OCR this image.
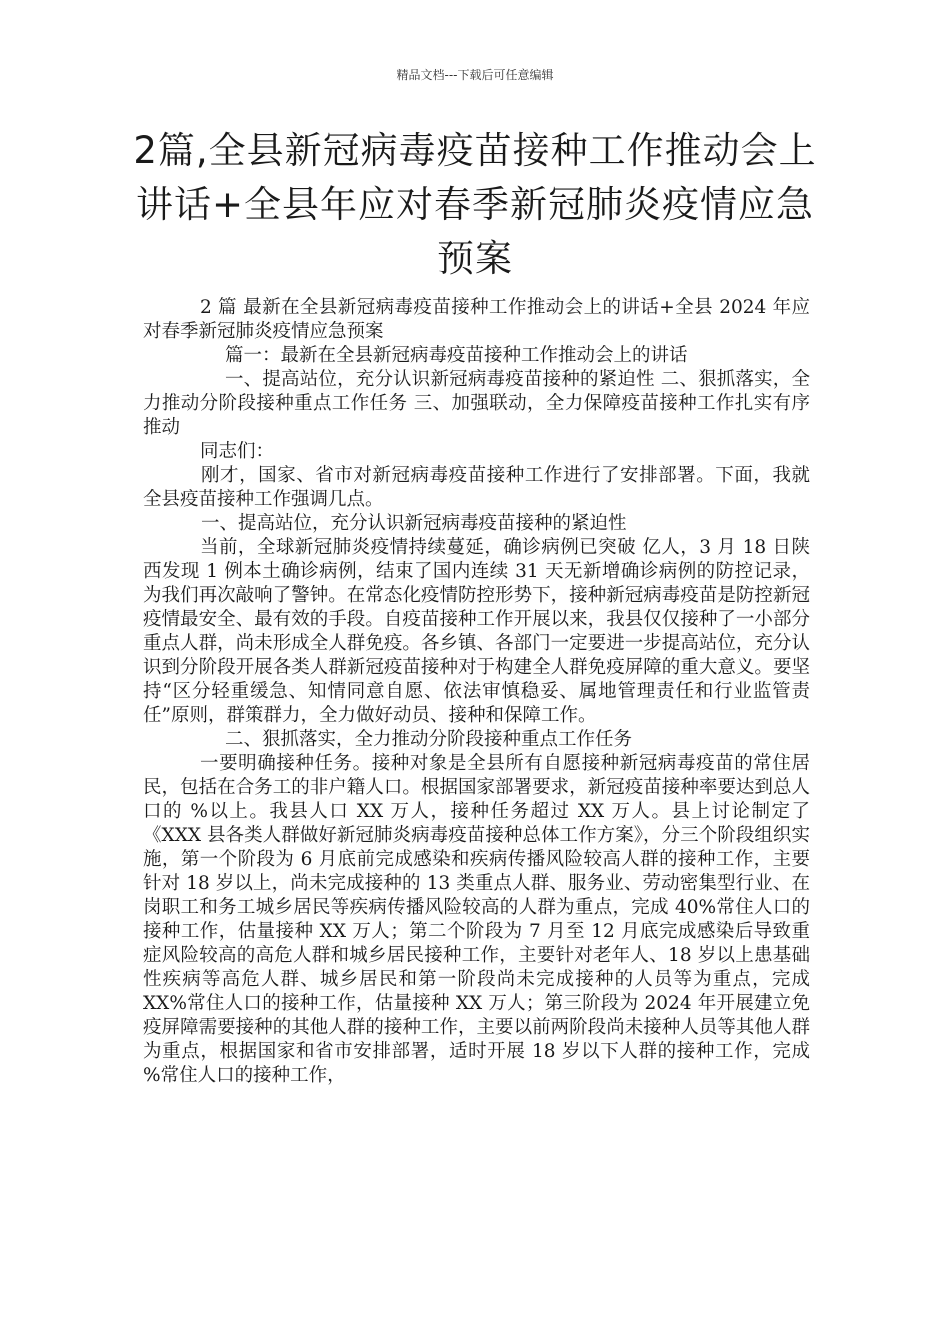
精品文档---下载后可任意编辑
2篇,全县新冠病毒疫苗接种工作推动会上讲话+全县年应对春季新冠肺炎疫情应急预案

2 篇 最新在全县新冠病毒疫苗接种工作推动会上的讲话+全县 2024 年应对春季新冠肺炎疫情应急预案

篇一：最新在全县新冠病毒疫苗接种工作推动会上的讲话

一、提高站位，充分认识新冠病毒疫苗接种的紧迫性 二、狠抓落实，全力推动分阶段接种重点工作任务 三、加强联动，全力保障疫苗接种工作扎实有序推动

同志们：

刚才，国家、省市对新冠病毒疫苗接种工作进行了安排部署。下面，我就全县疫苗接种工作强调几点。

一、提高站位，充分认识新冠病毒疫苗接种的紧迫性

当前，全球新冠肺炎疫情持续蔓延，确诊病例已突破 亿人，3 月 18 日陕西发现 1 例本土确诊病例，结束了国内连续 31 天无新增确诊病例的防控记录，为我们再次敲响了警钟。在常态化疫情防控形势下，接种新冠病毒疫苗是防控新冠疫情最安全、最有效的手段。自疫苗接种工作开展以来，我县仅仅接种了一小部分重点人群，尚未形成全人群免疫。各乡镇、各部门一定要进一步提高站位，充分认识到分阶段开展各类人群新冠疫苗接种对于构建全人群免疫屏障的重大意义。要坚持“区分轻重缓急、知情同意自愿、依法审慎稳妥、属地管理责任和行业监管责任”原则，群策群力，全力做好动员、接种和保障工作。

二、狠抓落实，全力推动分阶段接种重点工作任务

一要明确接种任务。接种对象是全县所有自愿接种新冠病毒疫苗的常住居民，包括在合务工的非户籍人口。根据国家部署要求，新冠疫苗接种率要达到总人口的 %以上。我县人口 XX 万人，接种任务超过 XX 万人。县上讨论制定了《XXX 县各类人群做好新冠肺炎病毒疫苗接种总体工作方案》，分三个阶段组织实施，第一个阶段为 6 月底前完成感染和疾病传播风险较高人群的接种工作，主要针对 18 岁以上，尚未完成接种的 13 类重点人群、服务业、劳动密集型行业、在岗职工和务工城乡居民等疾病传播风险较高的人群为重点，完成 40%常住人口的接种工作，估量接种 XX 万人；第二个阶段为 7 月至 12 月底完成感染后导致重症风险较高的高危人群和城乡居民接种工作，主要针对老年人、18 岁以上患基础性疾病等高危人群、城乡居民和第一阶段尚未完成接种的人员等为重点，完成 XX%常住人口的接种工作，估量接种 XX 万人；第三阶段为 2024 年开展建立免疫屏障需要接种的其他人群的接种工作，主要以前两阶段尚未接种人员等其他人群为重点，根据国家和省市安排部署，适时开展 18 岁以下人群的接种工作，完成 %常住人口的接种工作，
